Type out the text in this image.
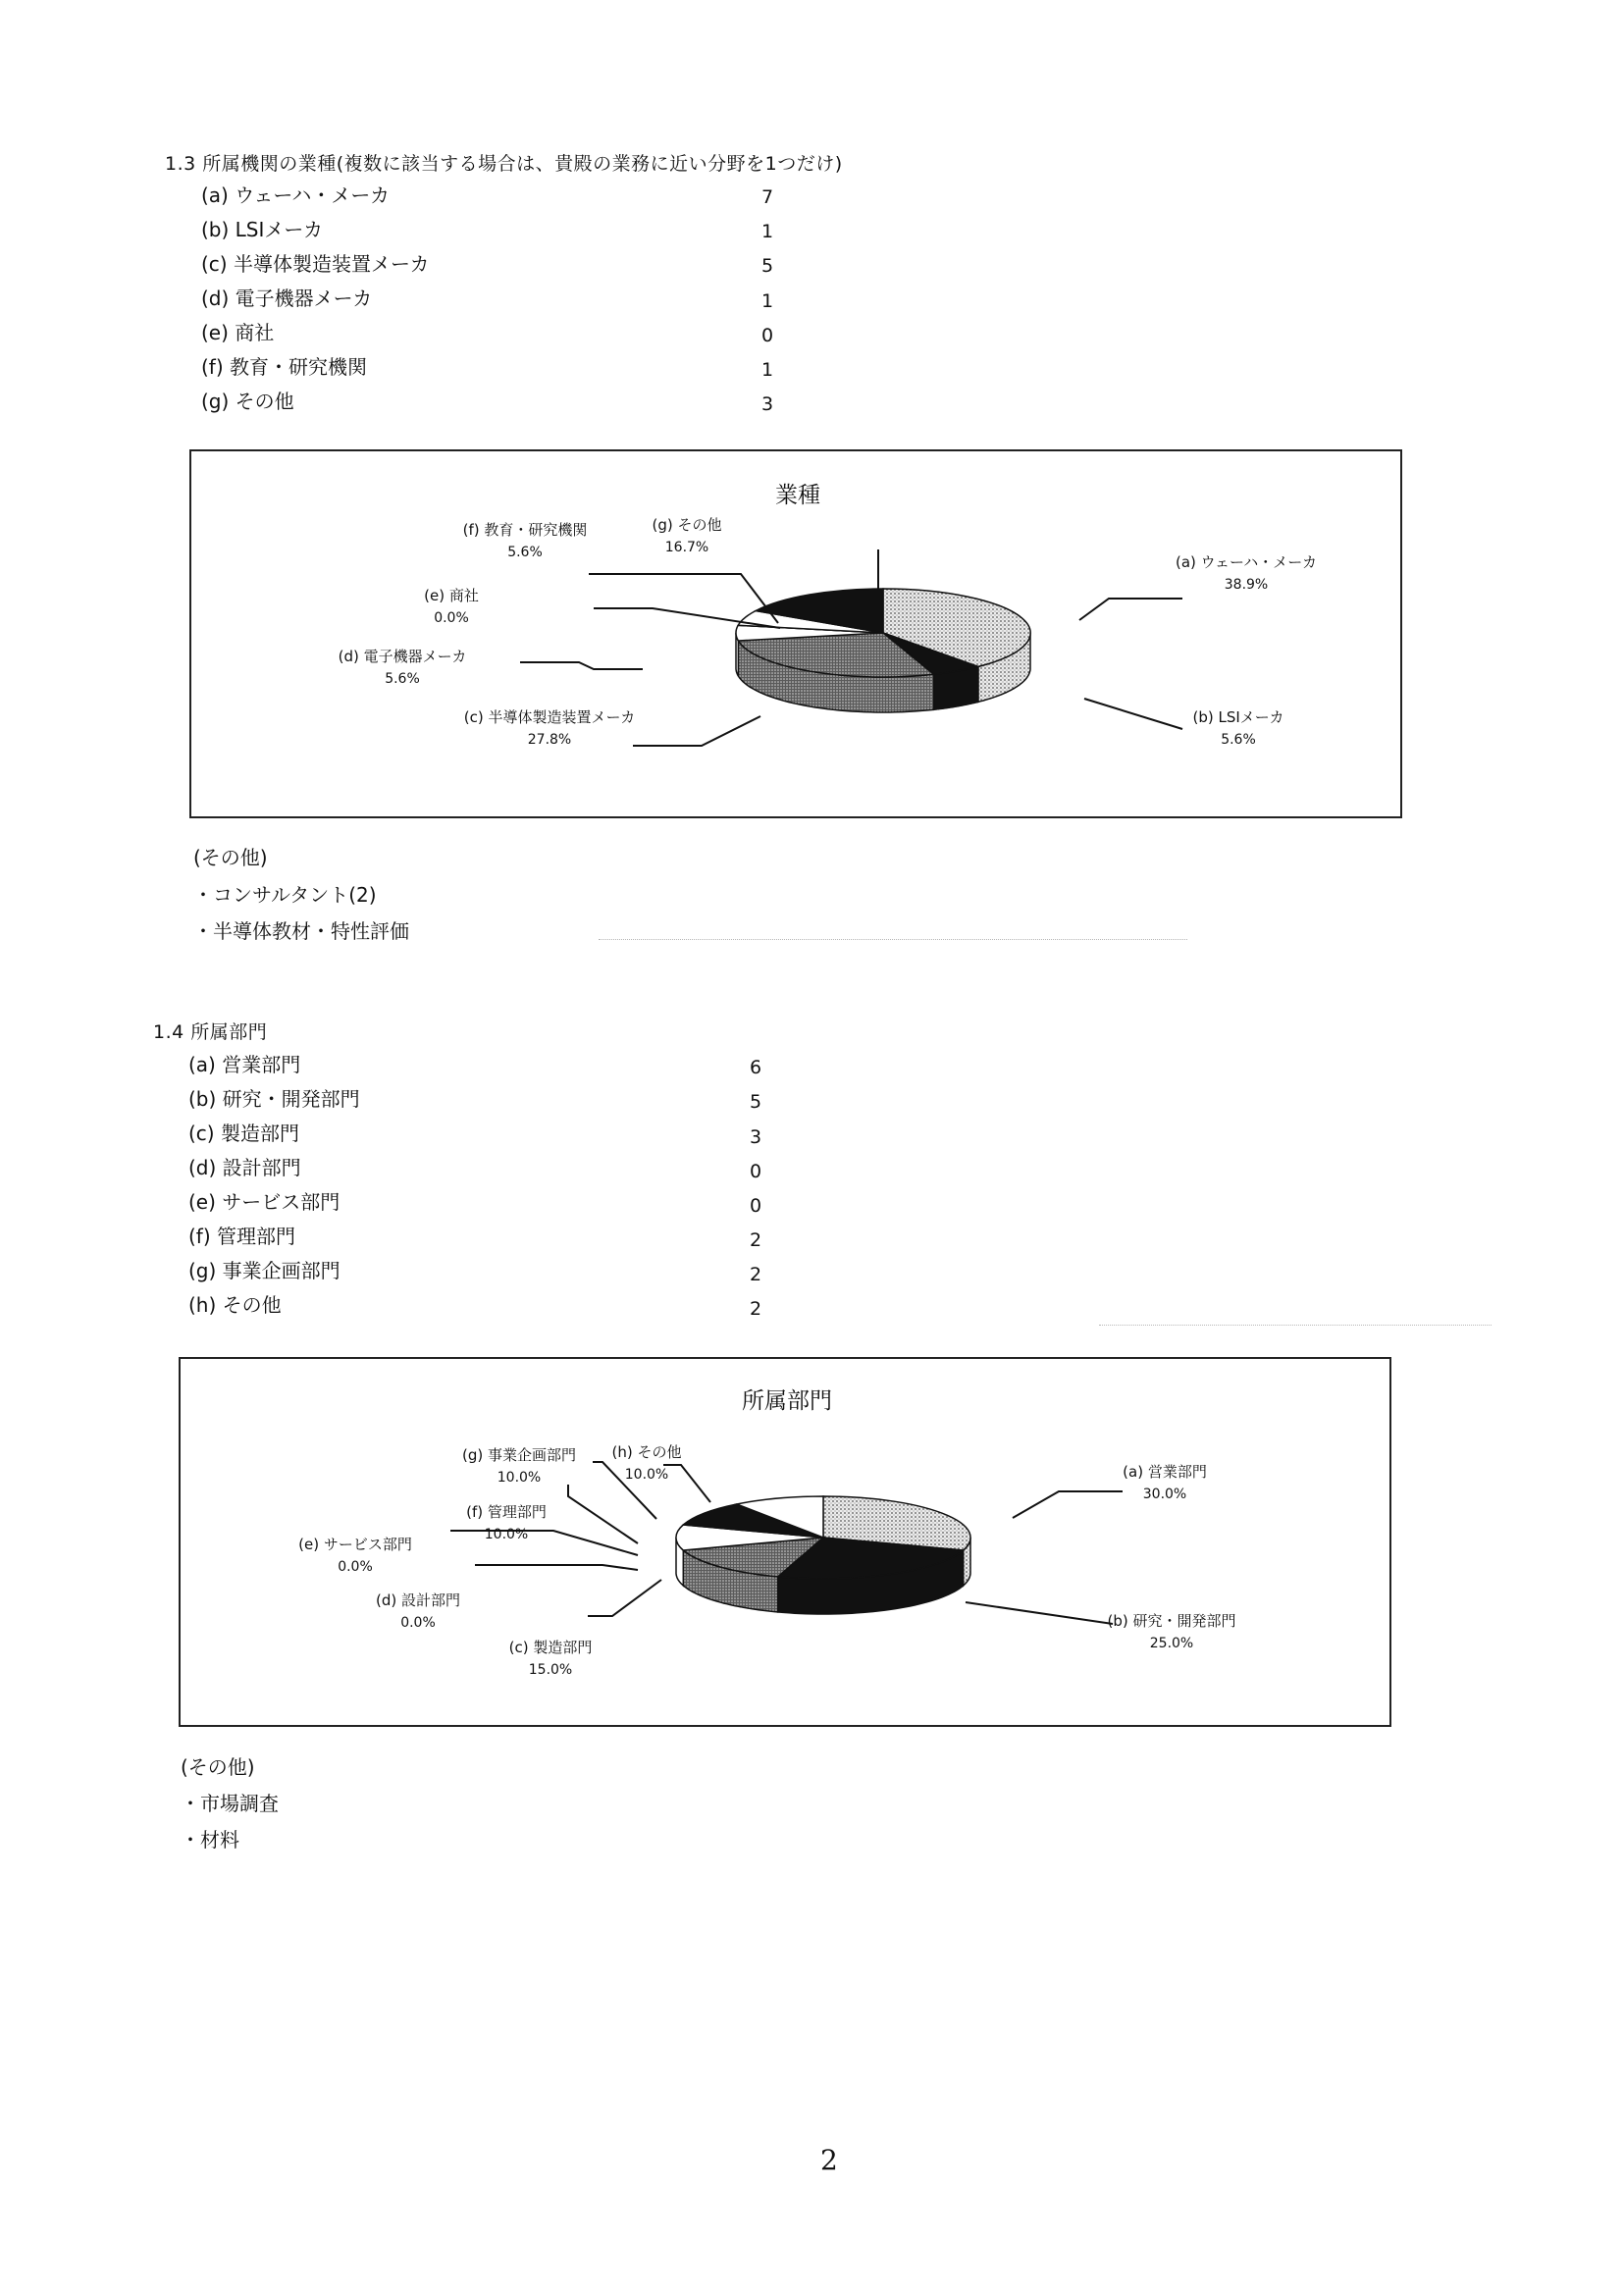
1.3 所属機関の業種(複数に該当する場合は、貴殿の業務に近い分野を1つだけ)
(a) ウェーハ・メーカ	7
(b) LSIメーカ	1
(c) 半導体製造装置メーカ	5
(d) 電子機器メーカ	1
(e) 商社	0
(f) 教育・研究機関	1
(g) その他	3
業種
(a) ウェーハ・メーカ
38.9%
(b) LSIメーカ
5.6%
(c) 半導体製造装置メーカ
27.8%
(d) 電子機器メーカ
5.6%
(e) 商社
0.0%
(f) 教育・研究機関
5.6%
(g) その他
16.7%
(その他)
・コンサルタント(2)
・半導体教材・特性評価
1.4 所属部門
(a) 営業部門	6
(b) 研究・開発部門	5
(c) 製造部門	3
(d) 設計部門	0
(e) サービス部門	0
(f) 管理部門	2
(g) 事業企画部門	2
(h) その他	2
所属部門
(a) 営業部門
30.0%
(b) 研究・開発部門
25.0%
(c) 製造部門
15.0%
(d) 設計部門
0.0%
(e) サービス部門
0.0%
(f) 管理部門
10.0%
(g) 事業企画部門
10.0%
(h) その他
10.0%
(その他)
・市場調査
・材料
2
